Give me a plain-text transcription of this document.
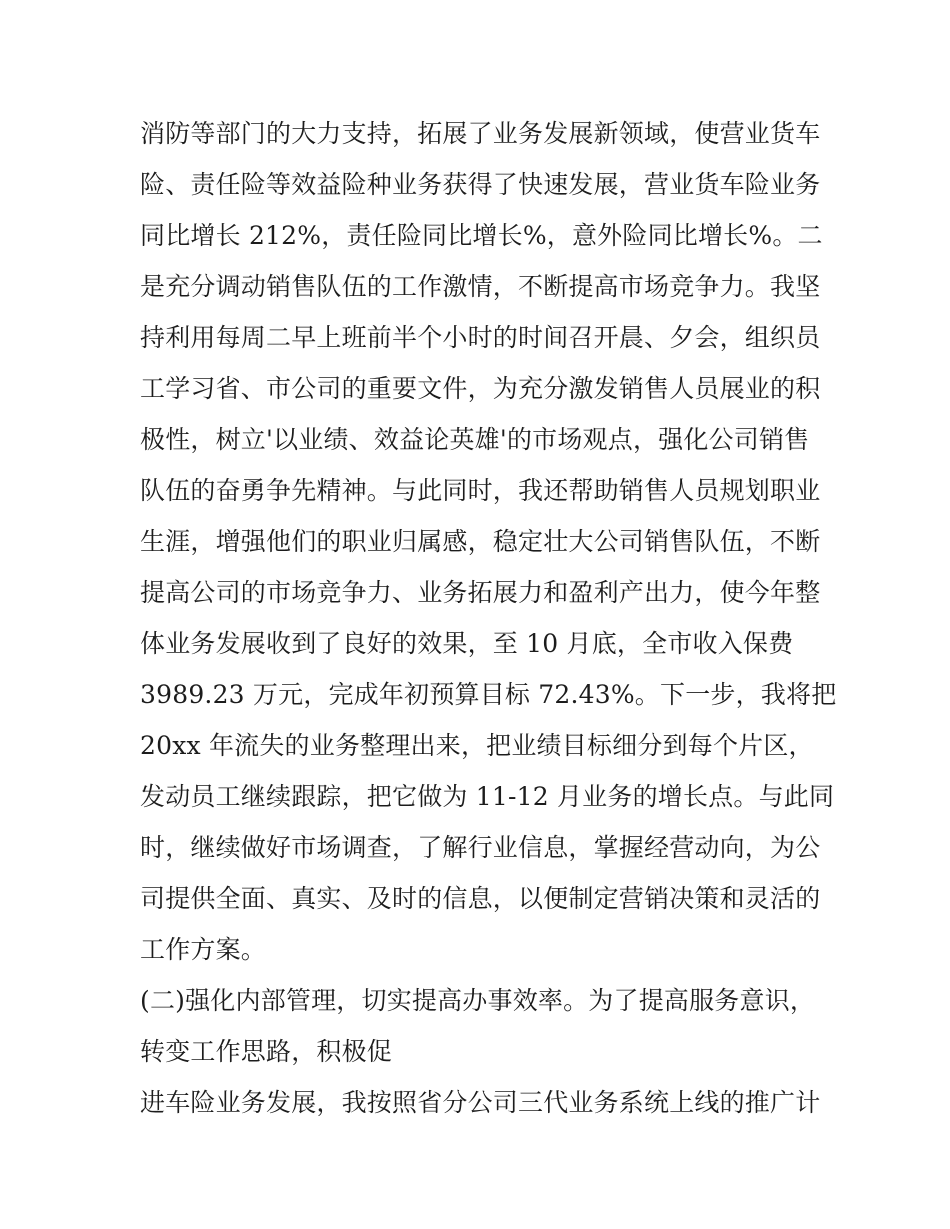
消防等部门的大力支持，拓展了业务发展新领域，使营业货车
险、责任险等效益险种业务获得了快速发展，营业货车险业务
同比增长 212%，责任险同比增长%，意外险同比增长%。二
是充分调动销售队伍的工作激情，不断提高市场竞争力。我坚
持利用每周二早上班前半个小时的时间召开晨、夕会，组织员
工学习省、市公司的重要文件，为充分激发销售人员展业的积
极性，树立'以业绩、效益论英雄'的市场观点，强化公司销售
队伍的奋勇争先精神。与此同时，我还帮助销售人员规划职业
生涯，增强他们的职业归属感，稳定壮大公司销售队伍，不断
提高公司的市场竞争力、业务拓展力和盈利产出力，使今年整
体业务发展收到了良好的效果，至 10 月底，全市收入保费
3989.23 万元，完成年初预算目标 72.43%。下一步，我将把
20xx 年流失的业务整理出来，把业绩目标细分到每个片区，
发动员工继续跟踪，把它做为 11-12 月业务的增长点。与此同
时，继续做好市场调查，了解行业信息，掌握经营动向，为公
司提供全面、真实、及时的信息，以便制定营销决策和灵活的
工作方案。
(二)强化内部管理，切实提高办事效率。为了提高服务意识，
转变工作思路，积极促
进车险业务发展，我按照省分公司三代业务系统上线的推广计
